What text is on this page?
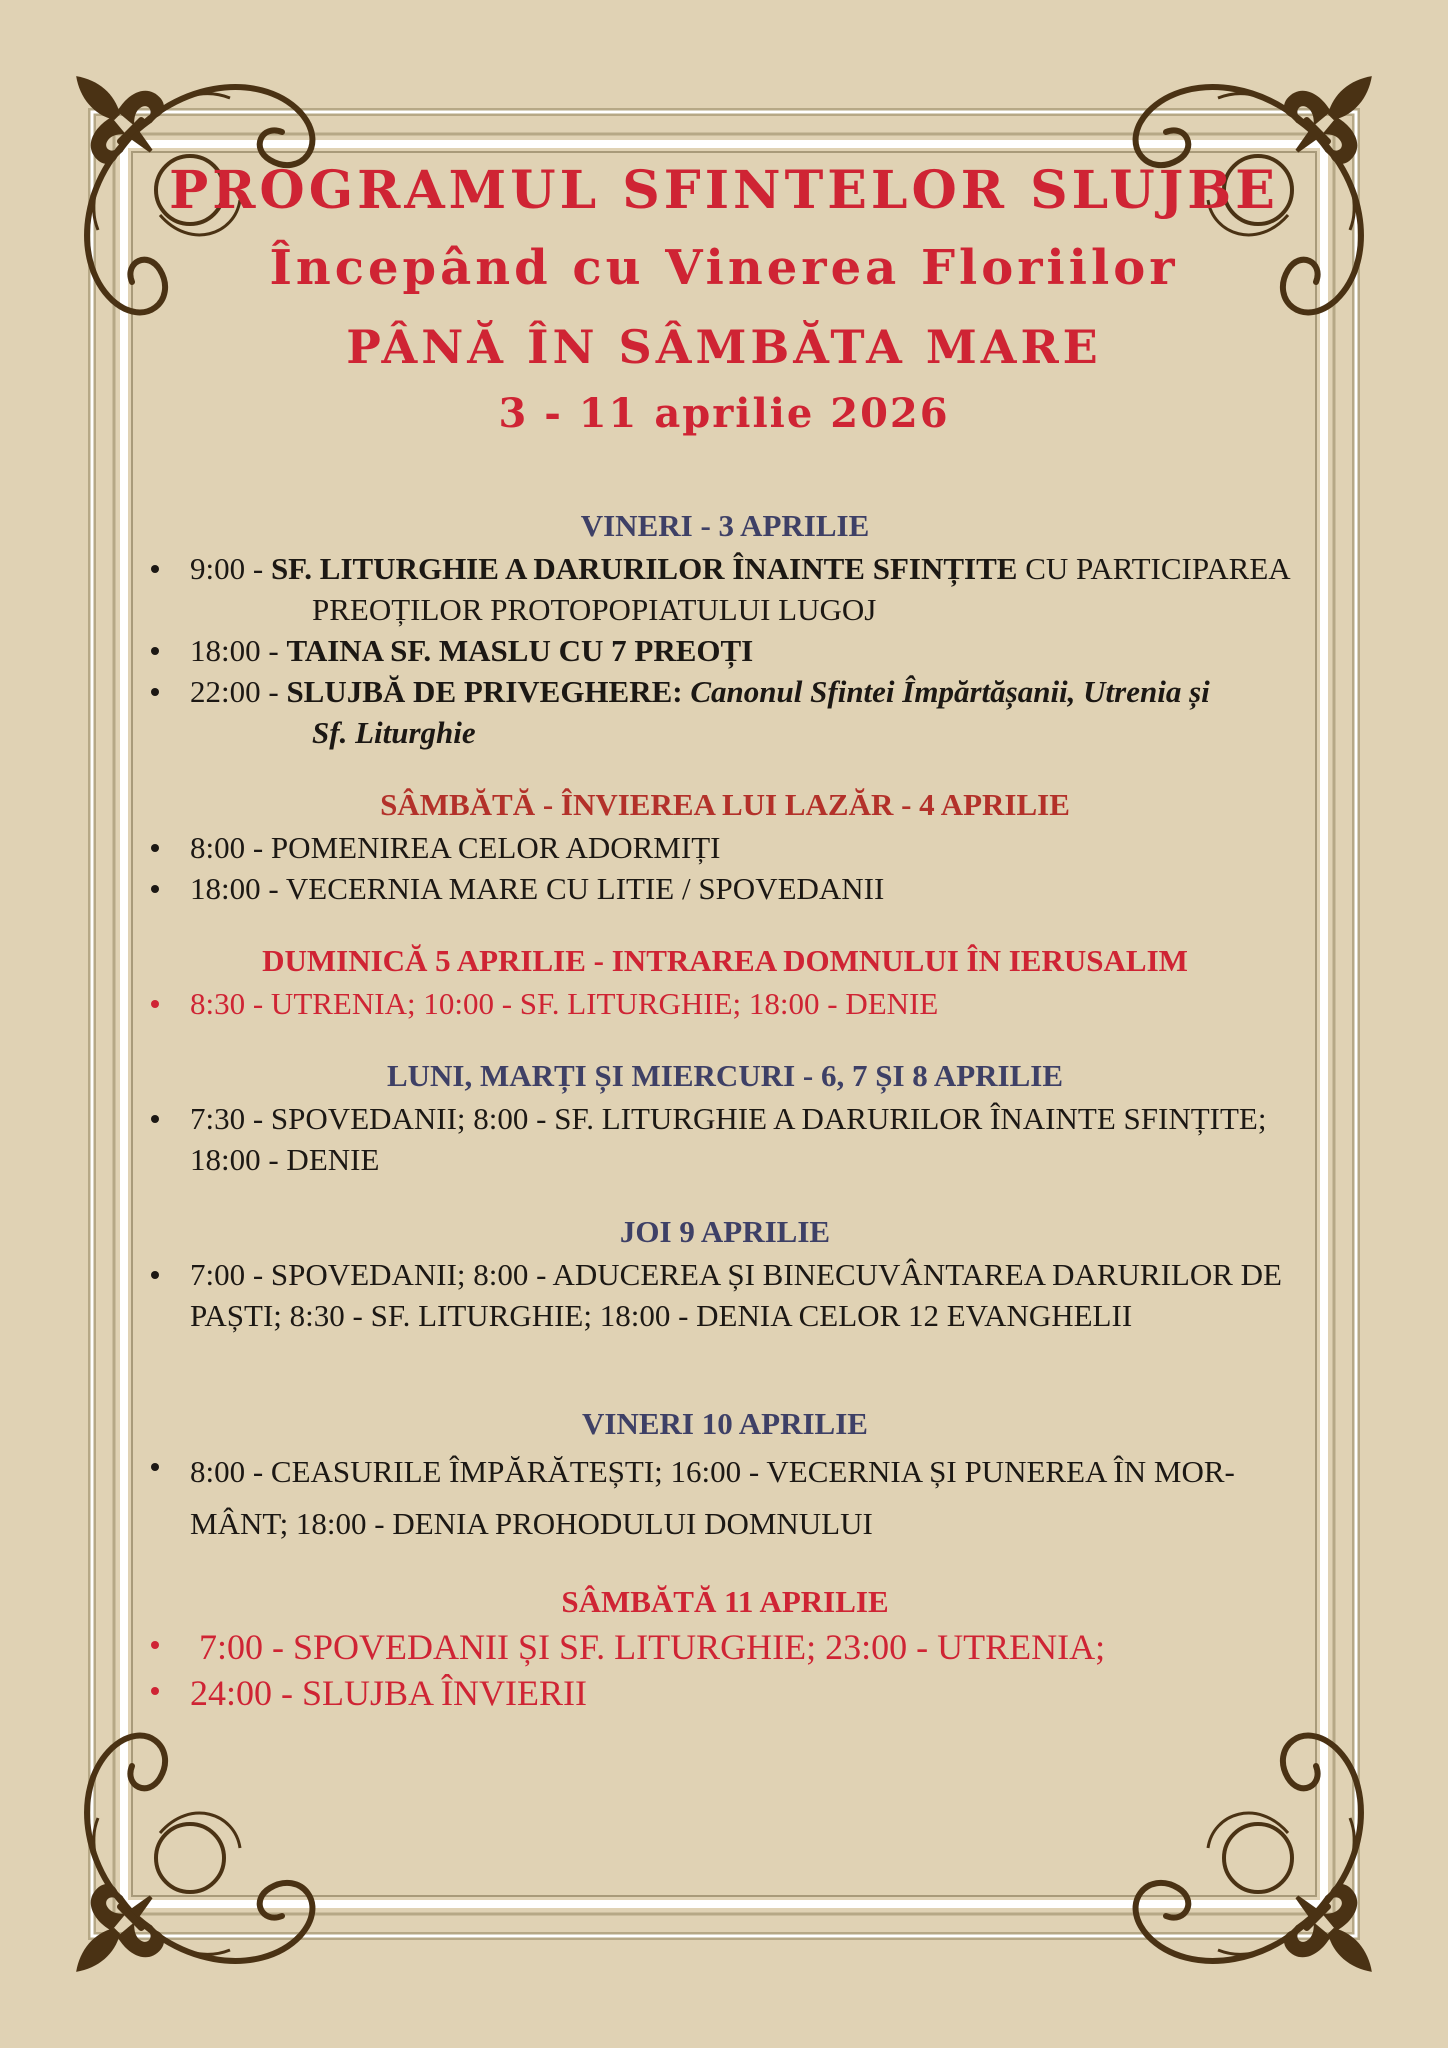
PROGRAMUL SFINTELOR SLUJBE
Începând cu Vinerea Floriilor
PÂNĂ ÎN SÂMBĂTA MARE
3 - 11 aprilie 2026
VINERI - 3 APRILIE
9:00 - SF. LITURGHIE A DARURILOR ÎNAINTE SFINȚITE CU PARTICIPAREA
PREOȚILOR PROTOPOPIATULUI LUGOJ
18:00 - TAINA SF. MASLU CU 7 PREOȚI
22:00 - SLUJBĂ DE PRIVEGHERE: Canonul Sfintei Împărtășanii, Utrenia și
Sf. Liturghie
SÂMBĂTĂ - ÎNVIEREA LUI LAZĂR - 4 APRILIE
8:00 - POMENIREA CELOR ADORMIȚI
18:00 - VECERNIA MARE CU LITIE / SPOVEDANII
DUMINICĂ 5 APRILIE - INTRAREA DOMNULUI ÎN IERUSALIM
8:30 - UTRENIA; 10:00 - SF. LITURGHIE; 18:00 - DENIE
LUNI, MARȚI ȘI MIERCURI - 6, 7 ȘI 8 APRILIE
7:30 - SPOVEDANII; 8:00 - SF. LITURGHIE A DARURILOR ÎNAINTE SFINȚITE;
18:00 - DENIE
JOI 9 APRILIE
7:00 - SPOVEDANII; 8:00 - ADUCEREA ȘI BINECUVÂNTAREA DARURILOR DE
PAȘTI; 8:30 - SF. LITURGHIE; 18:00 - DENIA CELOR 12 EVANGHELII
VINERI 10 APRILIE
8:00 - CEASURILE ÎMPĂRĂTEȘTI; 16:00 - VECERNIA ȘI PUNEREA ÎN MOR-
MÂNT; 18:00 - DENIA PROHODULUI DOMNULUI
SÂMBĂTĂ 11 APRILIE
7:00 - SPOVEDANII ȘI SF. LITURGHIE; 23:00 - UTRENIA;
24:00 - SLUJBA ÎNVIERII
